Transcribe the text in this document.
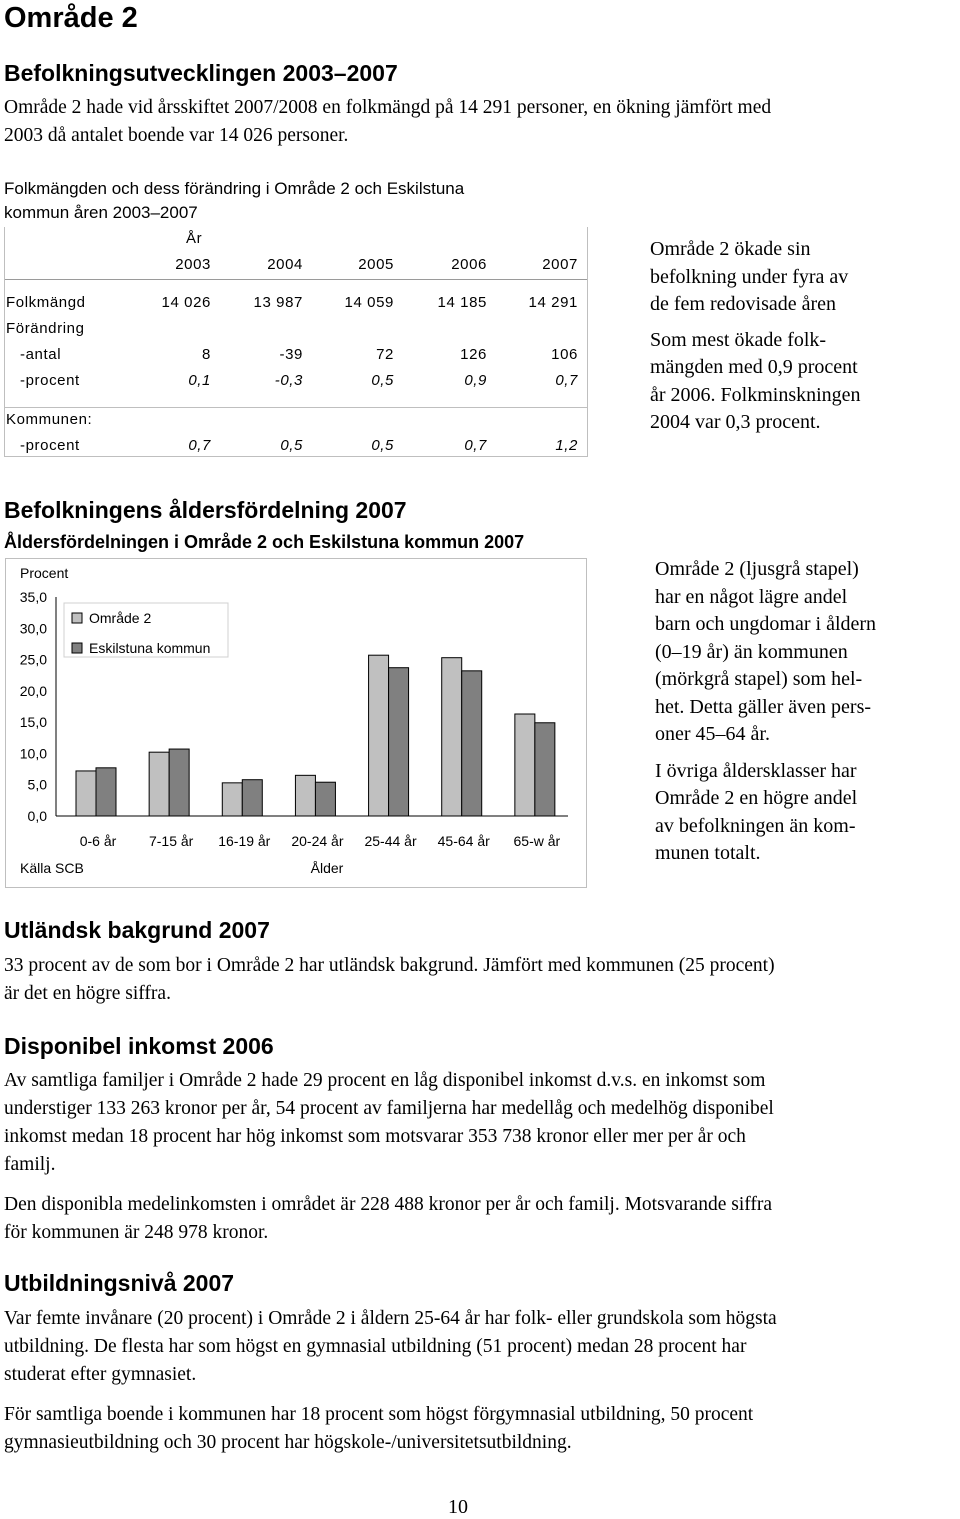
Område 2
Befolkningsutvecklingen 2003–2007
Område 2 hade vid årsskiftet 2007/2008 en folkmängd på 14 291 personer, en ökning jämfört med
2003 då antalet boende var 14 026 personer.
Folkmängden och dess förändring i Område 2 och Eskilstuna
kommun åren 2003–2007
År
2003	2004	2005	2006	2007
Folkmängd	14 026	13 987	14 059	14 185	14 291
Förändring
-antal	8	-39	72	126	106
-procent	0,1	-0,3	0,5	0,9	0,7
Kommunen:
-procent	0,7	0,5	0,5	0,7	1,2
Område 2 ökade sin
befolkning under fyra av
de fem redovisade åren
Som mest ökade folk-
mängden med 0,9 procent
år 2006. Folkminskningen
2004 var 0,3 procent.
Befolkningens åldersfördelning 2007
Åldersfördelningen i Område 2 och Eskilstuna kommun 2007
Procent
35,0
30,0
25,0
20,0
15,0
10,0
5,0
0,0
0-6 år 7-15 år 16-19 år 20-24 år 25-44 år 45-64 år 65-w år
Ålder
Källa SCB
Område 2
Eskilstuna kommun
Område 2 (ljusgrå stapel)
har en något lägre andel
barn och ungdomar i åldern
(0–19 år) än kommunen
(mörkgrå stapel) som hel-
het. Detta gäller även pers-
oner 45–64 år.
I övriga åldersklasser har
Område 2 en högre andel
av befolkningen än kom-
munen totalt.
Utländsk bakgrund 2007
33 procent av de som bor i Område 2 har utländsk bakgrund. Jämfört med kommunen (25 procent)
är det en högre siffra.
Disponibel inkomst 2006
Av samtliga familjer i Område 2 hade 29 procent en låg disponibel inkomst d.v.s. en inkomst som
understiger 133 263 kronor per år, 54 procent av familjerna har medellåg och medelhög disponibel
inkomst medan 18 procent har hög inkomst som motsvarar 353 738 kronor eller mer per år och
familj.
Den disponibla medelinkomsten i området är 228 488 kronor per år och familj. Motsvarande siffra
för kommunen är 248 978 kronor.
Utbildningsnivå 2007
Var femte invånare (20 procent) i Område 2 i åldern 25-64 år har folk- eller grundskola som högsta
utbildning. De flesta har som högst en gymnasial utbildning (51 procent) medan 28 procent har
studerat efter gymnasiet.
För samtliga boende i kommunen har 18 procent som högst förgymnasial utbildning, 50 procent
gymnasieutbildning och 30 procent har högskole-/universitetsutbildning.
10
